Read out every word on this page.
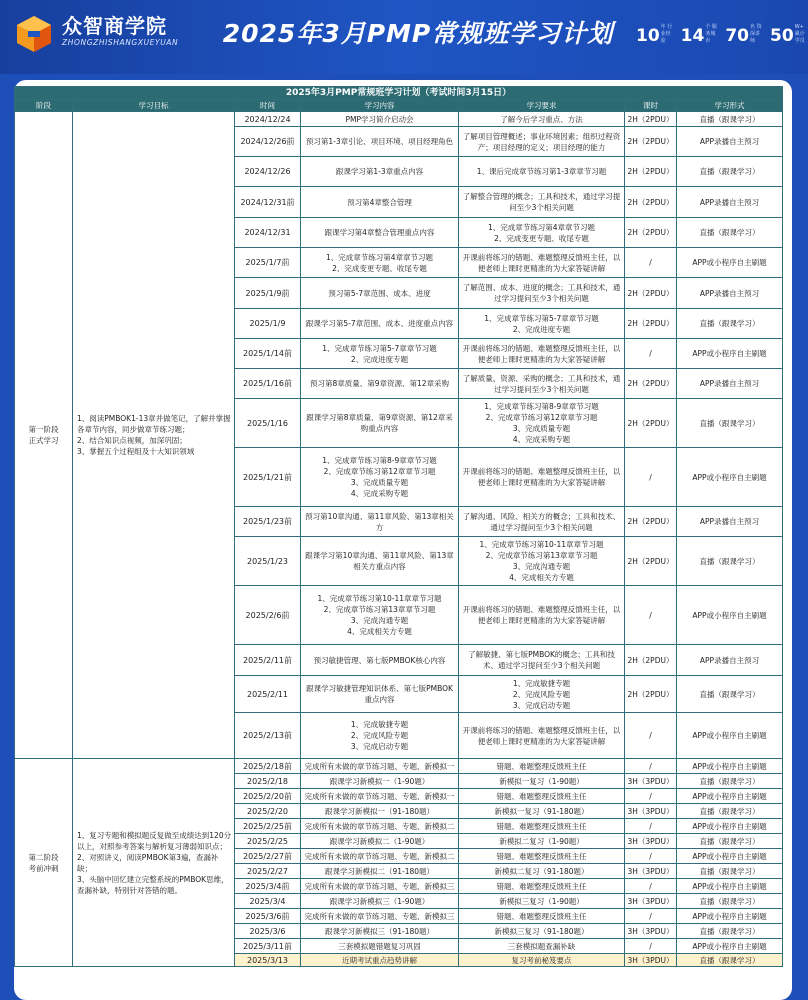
众智商学院
ZHONGZHISHANGXUEYUAN 2025年3月PMP常规班学习计划 10 年 行业经验 14 个 服务城市 70 名 资深讲师 50 W+ 累计学员
2025年3月PMP常规班学习计划（考试时间3月15日）						
阶段	学习目标	时间	学习内容	学习要求	课时	学习形式
第一阶段
正式学习	1、阅读PMBOK1-13章并做笔记，了解并掌握各章节内容，同步做章节练习题；
2、结合知识点视频，加深巩固；
3、掌握五个过程组及十大知识领域	2024/12/24	PMP学习简介启动会	了解今后学习重点、方法	2H（2PDU）	直播（跟课学习）
		2024/12/26前	预习第1-3章引论、项目环境、项目经理角色	了解项目管理概述；事业环境因素；组织过程资产；项目经理的定义；项目经理的能力	2H（2PDU）	APP录播自主预习
		2024/12/26	跟课学习第1-3章重点内容	1、课后完成章节练习第1-3章章节习题	2H（2PDU）	直播（跟课学习）
		2024/12/31前	预习第4章整合管理	了解整合管理的概念；工具和技术，通过学习提问至少3个相关问题	2H（2PDU）	APP录播自主预习
		2024/12/31	跟课学习第4章整合管理重点内容	1、完成章节练习第4章章节习题
2、完成变更专题、收尾专题	2H（2PDU）	直播（跟课学习）
		2025/1/7前	1、完成章节练习第4章章节习题
2、完成变更专题、收尾专题	开课前将练习的错题、难题整理反馈班主任，以便老师上课时更精准的为大家答疑讲解	/	APP或小程序自主刷题
		2025/1/9前	预习第5-7章范围、成本、进度	了解范围、成本、进度的概念；工具和技术，通过学习提问至少3个相关问题	2H（2PDU）	APP录播自主预习
		2025/1/9	跟课学习第5-7章范围、成本、进度重点内容	1、完成章节练习第5-7章章节习题
2、完成进度专题	2H（2PDU）	直播（跟课学习）
		2025/1/14前	1、完成章节练习第5-7章章节习题
2、完成进度专题	开课前将练习的错题、难题整理反馈班主任，以便老师上课时更精准的为大家答疑讲解	/	APP或小程序自主刷题
		2025/1/16前	预习第8章质量、第9章资源、第12章采购	了解质量、资源、采购的概念；工具和技术，通过学习提问至少3个相关问题	2H（2PDU）	APP录播自主预习
		2025/1/16	跟课学习第8章质量、第9章资源、第12章采购重点内容	1、完成章节练习第8-9章章节习题
2、完成章节练习第12章章节习题
3、完成质量专题
4、完成采购专题	2H（2PDU）	直播（跟课学习）
		2025/1/21前	1、完成章节练习第8-9章章节习题
2、完成章节练习第12章章节习题
3、完成质量专题
4、完成采购专题	开课前将练习的错题、难题整理反馈班主任，以便老师上课时更精准的为大家答疑讲解	/	APP或小程序自主刷题
		2025/1/23前	预习第10章沟通、第11章风险、第13章相关方	了解沟通、风险、相关方的概念；工具和技术、通过学习提问至少3个相关问题	2H（2PDU）	APP录播自主预习
		2025/1/23	跟课学习第10章沟通、第11章风险、第13章相关方重点内容	1、完成章节练习第10-11章章节习题
2、完成章节练习第13章章节习题
3、完成沟通专题
4、完成相关方专题	2H（2PDU）	直播（跟课学习）
		2025/2/6前	1、完成章节练习第10-11章章节习题
2、完成章节练习第13章章节习题
3、完成沟通专题
4、完成相关方专题	开课前将练习的错题、难题整理反馈班主任，以便老师上课时更精准的为大家答疑讲解	/	APP或小程序自主刷题
		2025/2/11前	预习敏捷管理、第七版PMBOK核心内容	了解敏捷、第七版PMBOK的概念；工具和技术、通过学习提问至少3个相关问题	2H（2PDU）	APP录播自主预习
		2025/2/11	跟课学习敏捷管理知识体系、第七版PMBOK重点内容	1、完成敏捷专题
2、完成风险专题
3、完成启动专题	2H（2PDU）	直播（跟课学习）
		2025/2/13前	1、完成敏捷专题
2、完成风险专题
3、完成启动专题	开课前将练习的错题、难题整理反馈班主任，以便老师上课时更精准的为大家答疑讲解	/	APP或小程序自主刷题
第二阶段
考前冲刺	1、复习专题和模拟题反复做至成绩达到120分以上，对照参考答案与解析复习薄弱知识点；
2、对照讲义，阅读PMBOK第3遍，查漏补缺；
3、头脑中回忆建立完整系统的PMBOK思维，查漏补缺，特别针对答错的题。	2025/2/18前	完成所有未做的章节练习题、专题、新模拟一	错题、难题整理反馈班主任	/	APP或小程序自主刷题
		2025/2/18	跟课学习新模拟一（1-90题）	新模拟一复习（1-90题）	3H（3PDU）	直播（跟课学习）
		2025/2/20前	完成所有未做的章节练习题、专题、新模拟一	错题、难题整理反馈班主任	/	APP或小程序自主刷题
		2025/2/20	跟课学习新模拟一（91-180题）	新模拟一复习（91-180题）	3H（3PDU）	直播（跟课学习）
		2025/2/25前	完成所有未做的章节练习题、专题、新模拟二	错题、难题整理反馈班主任	/	APP或小程序自主刷题
		2025/2/25	跟课学习新模拟二（1-90题）	新模拟二复习（1-90题）	3H（3PDU）	直播（跟课学习）
		2025/2/27前	完成所有未做的章节练习题、专题、新模拟二	错题、难题整理反馈班主任	/	APP或小程序自主刷题
		2025/2/27	跟课学习新模拟二（91-180题）	新模拟二复习（91-180题）	3H（3PDU）	直播（跟课学习）
		2025/3/4前	完成所有未做的章节练习题、专题、新模拟三	错题、难题整理反馈班主任	/	APP或小程序自主刷题
		2025/3/4	跟课学习新模拟三（1-90题）	新模拟三复习（1-90题）	3H（3PDU）	直播（跟课学习）
		2025/3/6前	完成所有未做的章节练习题、专题、新模拟三	错题、难题整理反馈班主任	/	APP或小程序自主刷题
		2025/3/6	跟课学习新模拟三（91-180题）	新模拟三复习（91-180题）	3H（3PDU）	直播（跟课学习）
		2025/3/11前	三套模拟题错题复习巩固	三套模拟题查漏补缺	/	APP或小程序自主刷题
		2025/3/13	近期考试重点趋势讲解	复习考前秘笈要点	3H（3PDU）	直播（跟课学习）
